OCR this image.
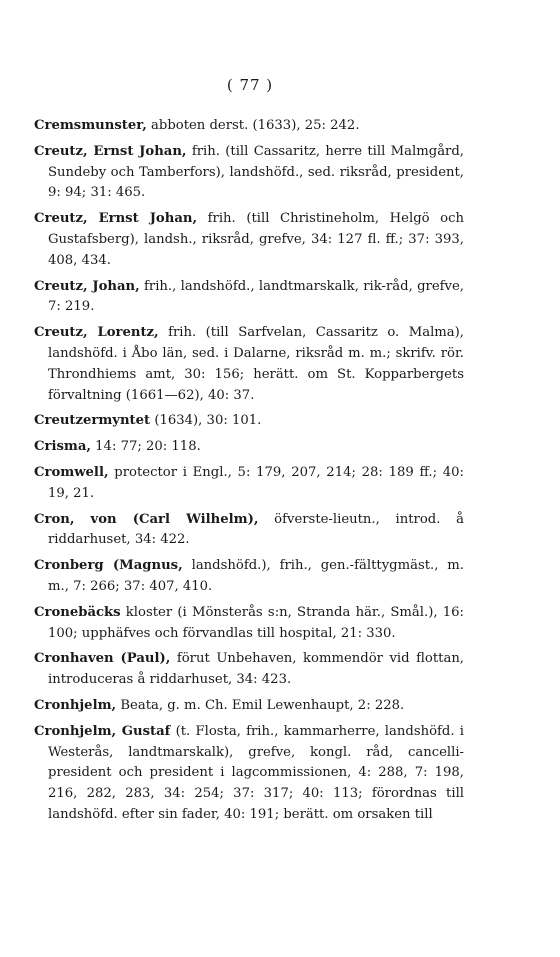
( 77 )

Cremsmunster, abboten derst. (1633), 25: 242.

Creutz, Ernst Johan, frih. (till Cassaritz, herre till Malmgård, Sundeby och Tamberfors), landshöfd., sed. riksråd, president, 9: 94; 31: 465.

Creutz, Ernst Johan, frih. (till Christineholm, Helgö och Gustafsberg), landsh., riksråd, grefve, 34: 127 fl. ff.; 37: 393, 408, 434.

Creutz, Johan, frih., landshöfd., landtmarskalk, rik-råd, grefve, 7: 219.

Creutz, Lorentz, frih. (till Sarfvelan, Cassaritz o. Malma), landshöfd. i Åbo län, sed. i Dalarne, riksråd m. m.; skrifv. rör. Throndhiems amt, 30: 156; herätt. om St. Kopparbergets förvaltning (1661—62), 40: 37.

Creutzermyntet (1634), 30: 101.

Crisma, 14: 77; 20: 118.

Cromwell, protector i Engl., 5: 179, 207, 214; 28: 189 ff.; 40: 19, 21.

Cron, von (Carl Wilhelm), öfverste-lieutn., introd. å riddarhuset, 34: 422.

Cronberg (Magnus, landshöfd.), frih., gen.-fälttygmäst., m. m., 7: 266; 37: 407, 410.

Cronebäcks kloster (i Mönsterås s:n, Stranda här., Smål.), 16: 100; upphäfves och förvandlas till hospital, 21: 330.

Cronhaven (Paul), förut Unbehaven, kommendör vid flottan, introduceras å riddarhuset, 34: 423.

Cronhjelm, Beata, g. m. Ch. Emil Lewenhaupt, 2: 228.

Cronhjelm, Gustaf (t. Flosta, frih., kammarherre, landshöfd. i Westerås, landtmarskalk), grefve, kongl. råd, cancelli-president och president i lagcommissionen, 4: 288, 7: 198, 216, 282, 283, 34: 254; 37: 317; 40: 113; förordnas till landshöfd. efter sin fader, 40: 191; berätt. om orsaken till
